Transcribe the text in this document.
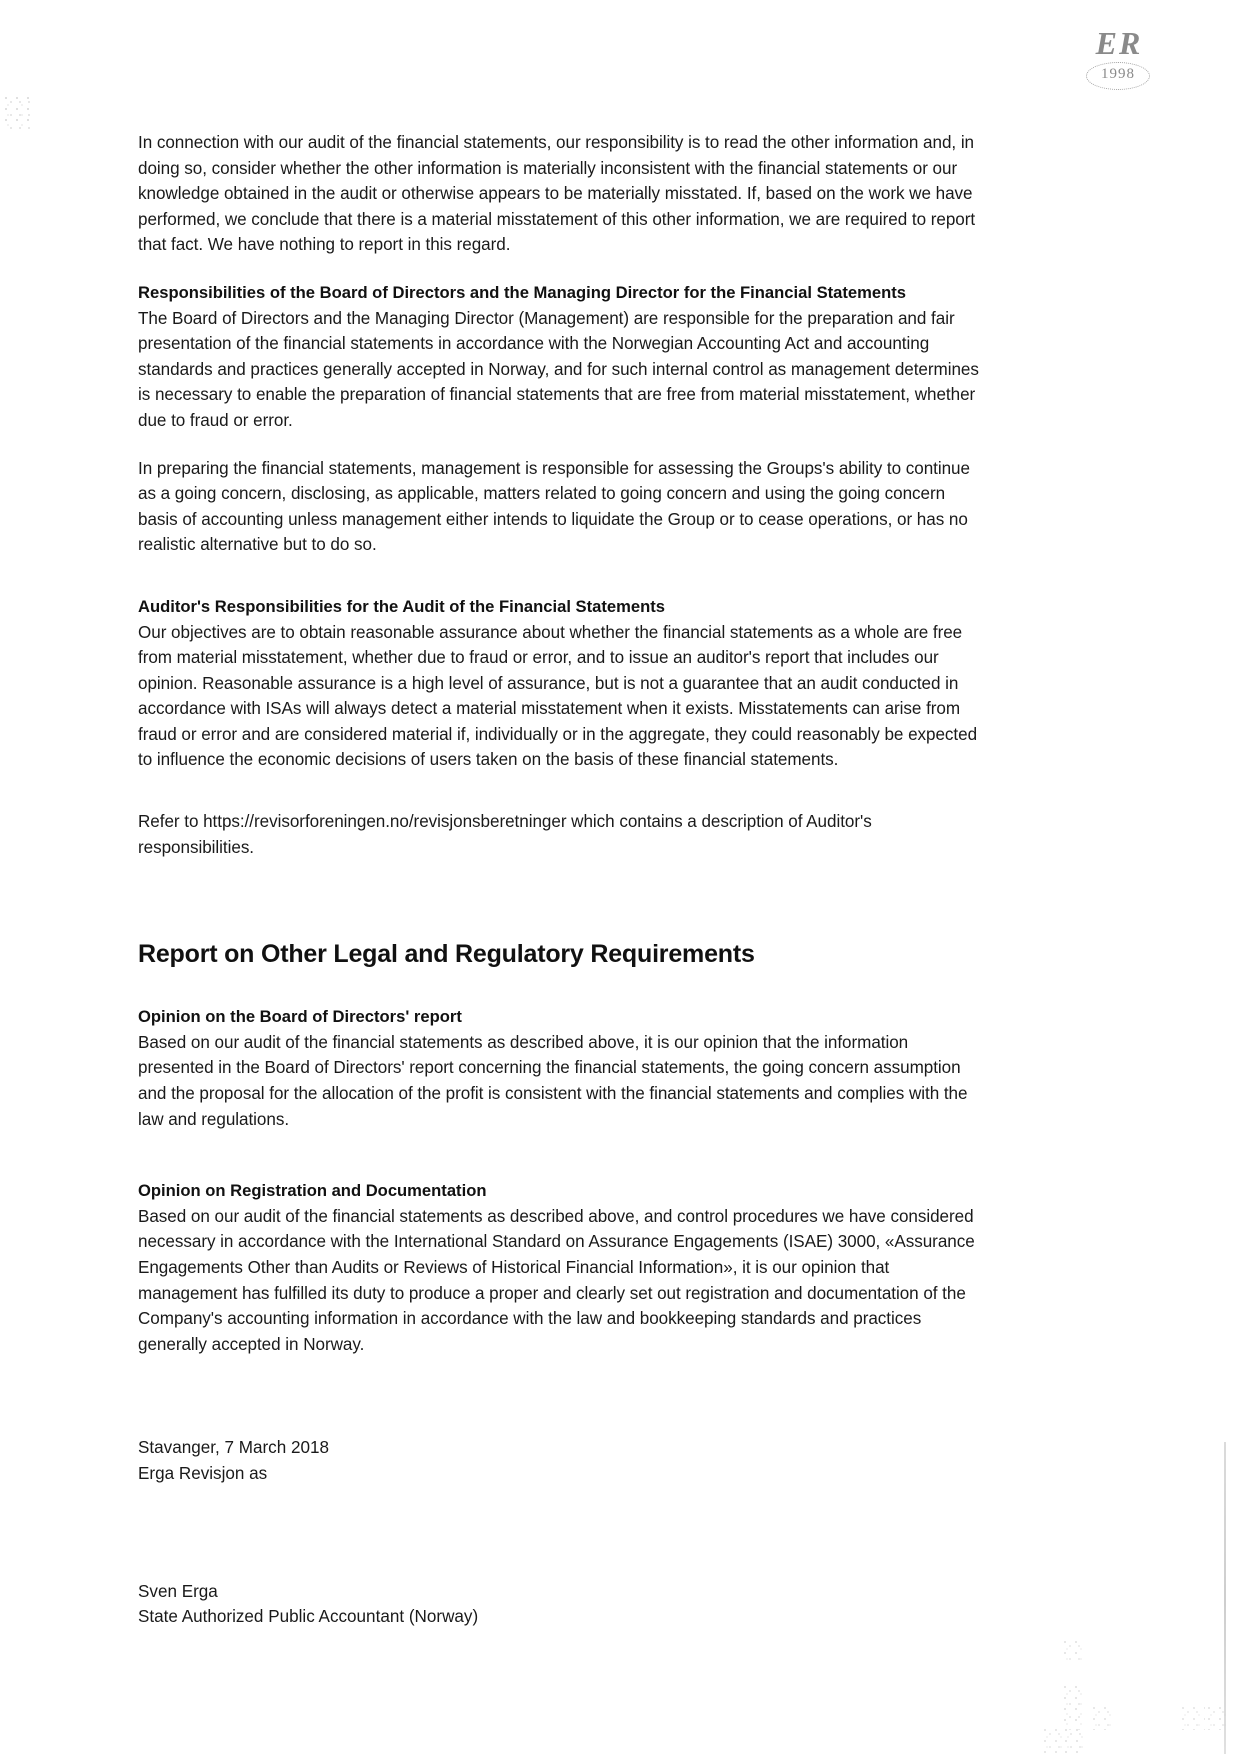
ER
1998

In connection with our audit of the financial statements, our responsibility is to read the other information and, in doing so, consider whether the other information is materially inconsistent with the financial statements or our knowledge obtained in the audit or otherwise appears to be materially misstated. If, based on the work we have performed, we conclude that there is a material misstatement of this other information, we are required to report that fact. We have nothing to report in this regard.

Responsibilities of the Board of Directors and the Managing Director for the Financial Statements

The Board of Directors and the Managing Director (Management) are responsible for the preparation and fair presentation of the financial statements in accordance with the Norwegian Accounting Act and accounting standards and practices generally accepted in Norway, and for such internal control as management determines is necessary to enable the preparation of financial statements that are free from material misstatement, whether due to fraud or error.

In preparing the financial statements, management is responsible for assessing the Groups's ability to continue as a going concern, disclosing, as applicable, matters related to going concern and using the going concern basis of accounting unless management either intends to liquidate the Group or to cease operations, or has no realistic alternative but to do so.

Auditor's Responsibilities for the Audit of the Financial Statements

Our objectives are to obtain reasonable assurance about whether the financial statements as a whole are free from material misstatement, whether due to fraud or error, and to issue an auditor's report that includes our opinion. Reasonable assurance is a high level of assurance, but is not a guarantee that an audit conducted in accordance with ISAs will always detect a material misstatement when it exists. Misstatements can arise from fraud or error and are considered material if, individually or in the aggregate, they could reasonably be expected to influence the economic decisions of users taken on the basis of these financial statements.

Refer to https://revisorforeningen.no/revisjonsberetninger which contains a description of Auditor's responsibilities.

Report on Other Legal and Regulatory Requirements
Opinion on the Board of Directors' report

Based on our audit of the financial statements as described above, it is our opinion that the information presented in the Board of Directors' report concerning the financial statements, the going concern assumption and the proposal for the allocation of the profit is consistent with the financial statements and complies with the law and regulations.

Opinion on Registration and Documentation

Based on our audit of the financial statements as described above, and control procedures we have considered necessary in accordance with the International Standard on Assurance Engagements (ISAE) 3000, «Assurance Engagements Other than Audits or Reviews of Historical Financial Information», it is our opinion that management has fulfilled its duty to produce a proper and clearly set out registration and documentation of the Company's accounting information in accordance with the law and bookkeeping standards and practices generally accepted in Norway.

Stavanger, 7 March 2018

Erga Revisjon as

Sven Erga

State Authorized Public Accountant (Norway)
